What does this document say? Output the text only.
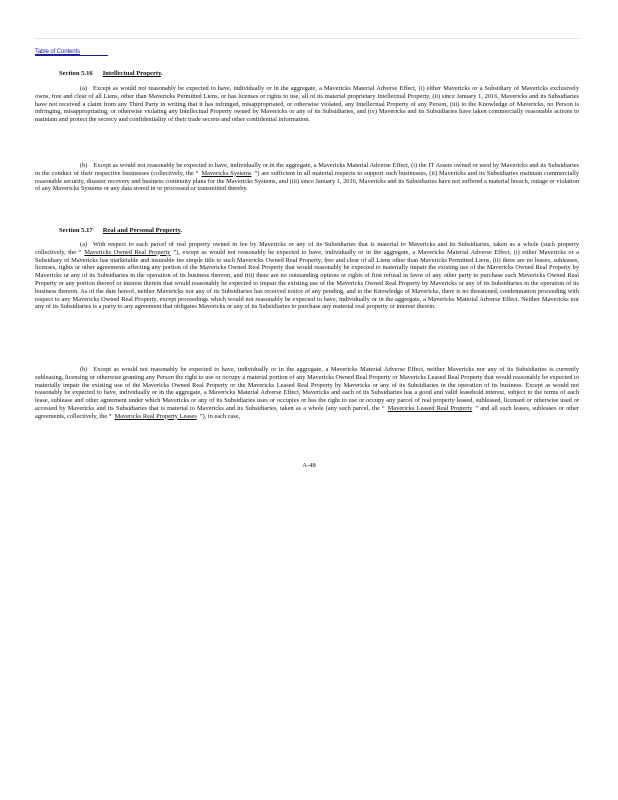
Table of Contents
Section 5.16 Intellectual Property.

(a) Except as would not reasonably be expected to have, individually or in the aggregate, a Mavericks Material Adverse Effect, (i) either Mavericks or a Subsidiary of Mavericks exclusively owns, free and clear of all Liens, other than Mavericks Permitted Liens, or has licenses or rights to use, all of its material proprietary Intellectual Property, (ii) since January 1, 2016, Mavericks and its Subsidiaries have not received a claim from any Third Party in writing that it has infringed, misappropriated, or otherwise violated, any Intellectual Property of any Person, (iii) to the Knowledge of Mavericks, no Person is infringing, misappropriating, or otherwise violating any Intellectual Property owned by Mavericks or any of its Subsidiaries, and (iv) Mavericks and its Subsidiaries have taken commercially reasonable actions to maintain and protect the secrecy and confidentiality of their trade secrets and other confidential information.

(b) Except as would not reasonably be expected to have, individually or in the aggregate, a Mavericks Material Adverse Effect, (i) the IT Assets owned or used by Mavericks and its Subsidiaries in the conduct of their respective businesses (collectively, the “ Mavericks Systems ”) are sufficient in all material respects to support such businesses, (ii) Mavericks and its Subsidiaries maintain commercially reasonable security, disaster recovery and business continuity plans for the Mavericks Systems, and (iii) since January 1, 2016, Mavericks and its Subsidiaries have not suffered a material breach, outage or violation of any Mavericks Systems or any data stored in or processed or transmitted thereby.

Section 5.17 Real and Personal Property.

(a) With respect to each parcel of real property owned in fee by Mavericks or any of its Subsidiaries that is material to Mavericks and its Subsidiaries, taken as a whole (such property collectively, the “ Mavericks Owned Real Property ”), except as would not reasonably be expected to have, individually or in the aggregate, a Mavericks Material Adverse Effect, (i) either Mavericks or a Subsidiary of Mavericks has marketable and insurable fee simple title to such Mavericks Owned Real Property, free and clear of all Liens other than Mavericks Permitted Liens, (ii) there are no leases, subleases, licenses, rights or other agreements affecting any portion of the Mavericks Owned Real Property that would reasonably be expected to materially impair the existing use of the Mavericks Owned Real Property by Mavericks or any of its Subsidiaries in the operation of its business thereon, and (iii) there are no outstanding options or rights of first refusal in favor of any other party to purchase such Mavericks Owned Real Property or any portion thereof or interest therein that would reasonably be expected to impair the existing use of the Mavericks Owned Real Property by Mavericks or any of its Subsidiaries in the operation of its business thereon. As of the date hereof, neither Mavericks nor any of its Subsidiaries has received notice of any pending, and to the Knowledge of Mavericks, there is no threatened, condemnation proceeding with respect to any Mavericks Owned Real Property, except proceedings which would not reasonably be expected to have, individually or in the aggregate, a Mavericks Material Adverse Effect. Neither Mavericks nor any of its Subsidiaries is a party to any agreement that obligates Mavericks or any of its Subsidiaries to purchase any material real property or interest therein.

(b) Except as would not reasonably be expected to have, individually or in the aggregate, a Mavericks Material Adverse Effect, neither Mavericks nor any of its Subsidiaries is currently subleasing, licensing or otherwise granting any Person the right to use or occupy a material portion of any Mavericks Owned Real Property or Mavericks Leased Real Property that would reasonably be expected to materially impair the existing use of the Mavericks Owned Real Property or the Mavericks Leased Real Property by Mavericks or any of its Subsidiaries in the operation of its business. Except as would not reasonably be expected to have, individually or in the aggregate, a Mavericks Material Adverse Effect, Mavericks and each of its Subsidiaries has a good and valid leasehold interest, subject to the terms of each lease, sublease and other agreement under which Mavericks or any of its Subsidiaries uses or occupies or has the right to use or occupy any parcel of real property leased, subleased, licensed or otherwise used or accessed by Mavericks and its Subsidiaries that is material to Mavericks and its Subsidiaries, taken as a whole (any such parcel, the “ Mavericks Leased Real Property ” and all such leases, subleases or other agreements, collectively, the “ Mavericks Real Property Leases ”), in each case,

A-48
